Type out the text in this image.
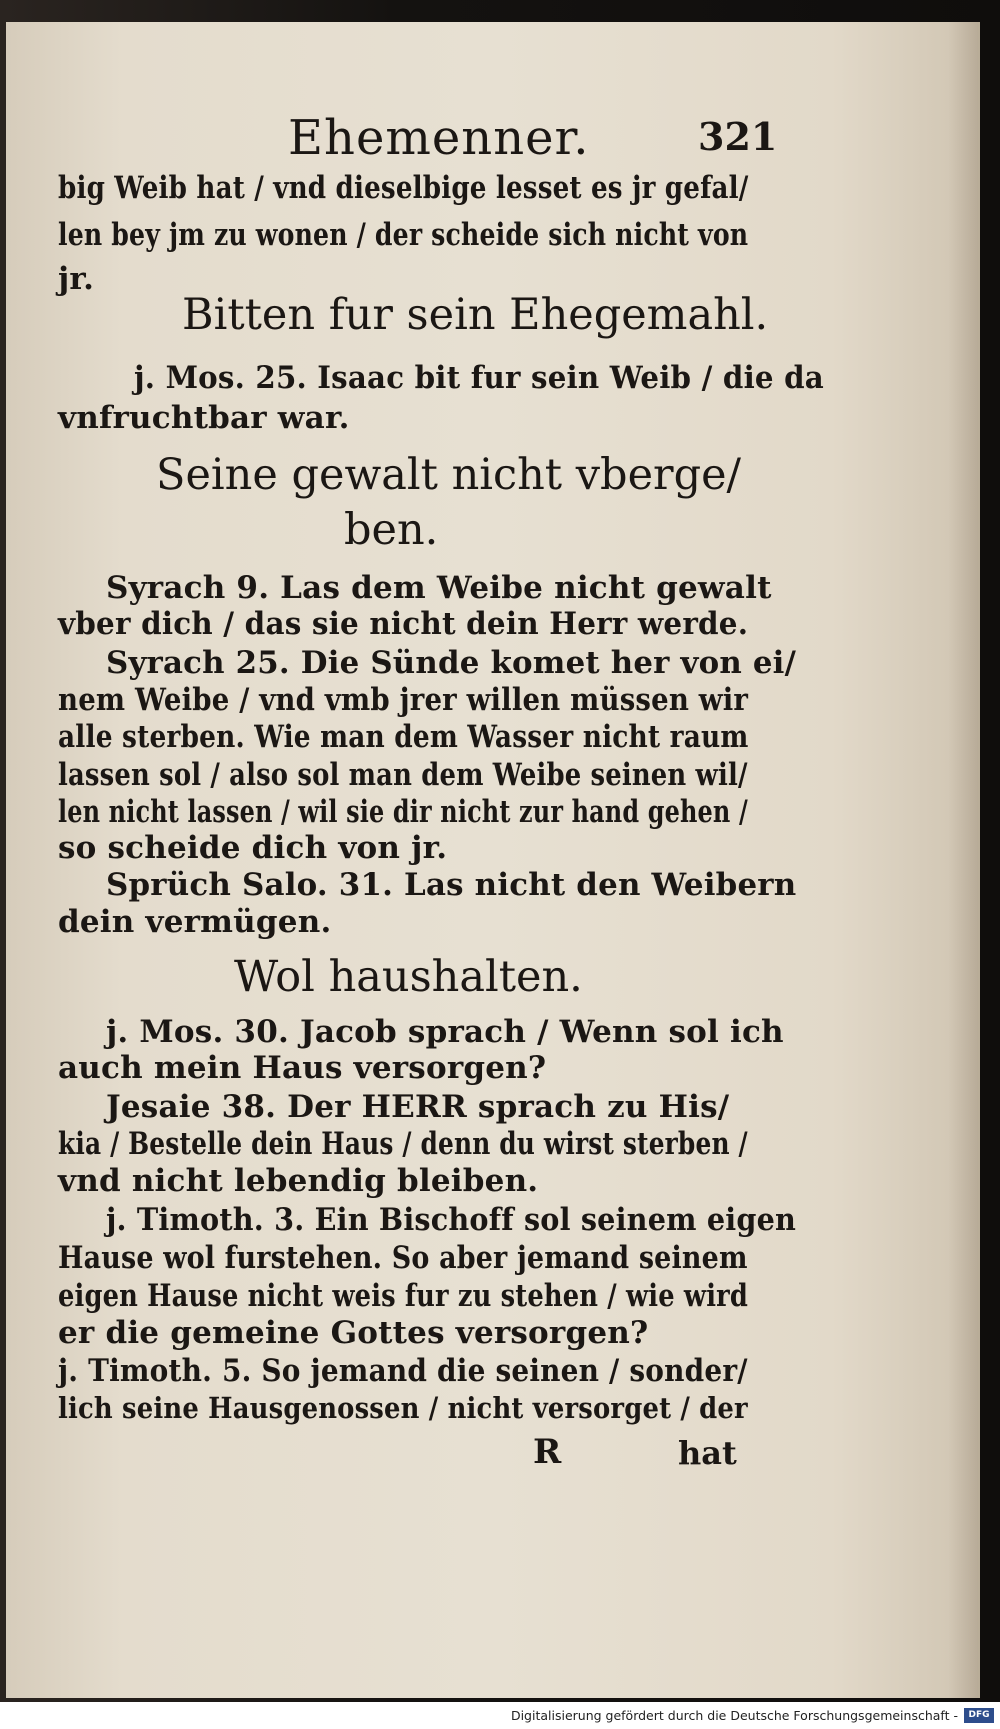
Ehemenner.	321
big Weib hat / vnd dieselbige lesset es jr gefal/
len bey jm zu wonen / der scheide sich nicht von
jr.
Bitten fur sein Ehegemahl.
j. Mos. 25. Isaac bit fur sein Weib / die da
vnfruchtbar war.
Seine gewalt nicht vberge/
ben.
Syrach 9. Las dem Weibe nicht gewalt
vber dich / das sie nicht dein Herr werde.
Syrach 25. Die Sünde komet her von ei/
nem Weibe / vnd vmb jrer willen müssen wir
alle sterben. Wie man dem Wasser nicht raum
lassen sol / also sol man dem Weibe seinen wil/
len nicht lassen / wil sie dir nicht zur hand gehen /
so scheide dich von jr.
Sprüch Salo. 31. Las nicht den Weibern
dein vermügen.
Wol haushalten.
j. Mos. 30. Jacob sprach / Wenn sol ich
auch mein Haus versorgen?
Jesaie 38. Der HERR sprach zu His/
kia / Bestelle dein Haus / denn du wirst sterben /
vnd nicht lebendig bleiben.
j. Timoth. 3. Ein Bischoff sol seinem eigen
Hause wol furstehen. So aber jemand seinem
eigen Hause nicht weis fur zu stehen / wie wird
er die gemeine Gottes versorgen?
j. Timoth. 5. So jemand die seinen / sonder/
lich seine Hausgenossen / nicht versorget / der
R	hat
Digitalisierung gefördert durch die Deutsche Forschungsgemeinschaft -	DFG
